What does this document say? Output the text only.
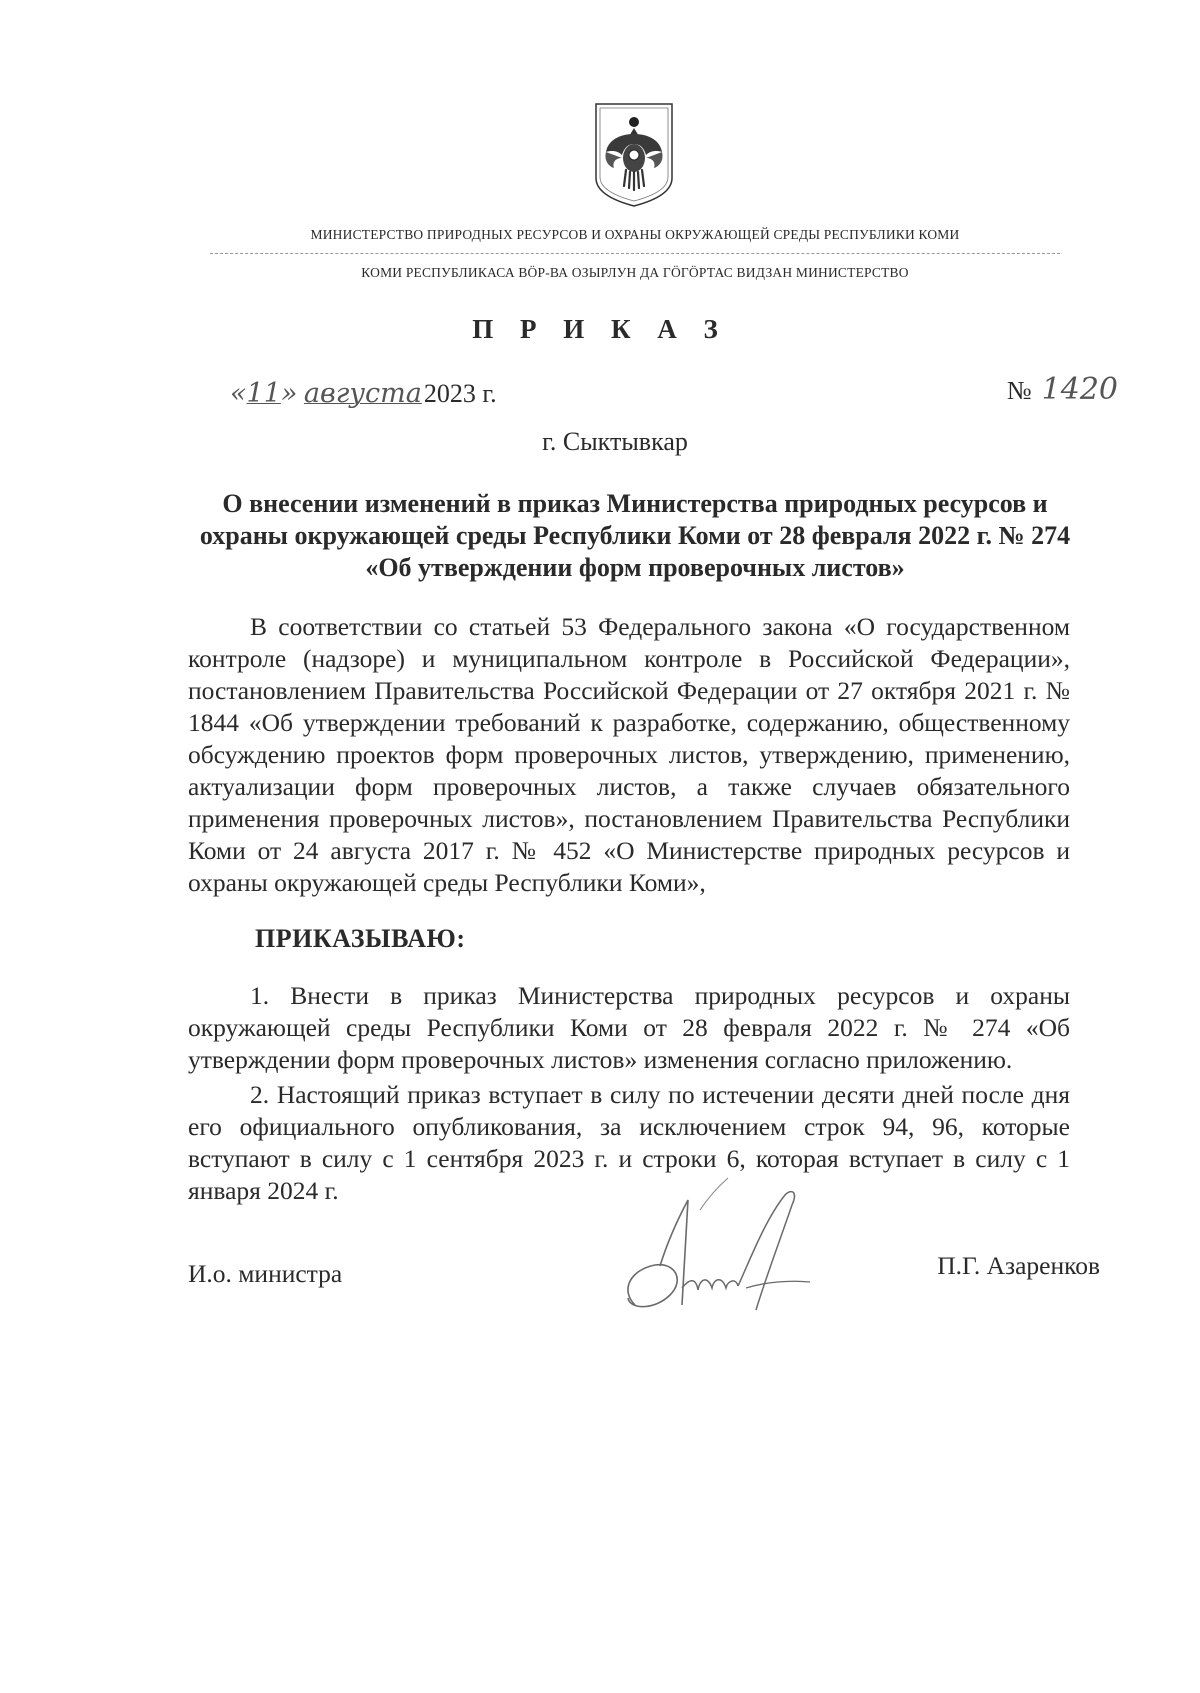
МИНИСТЕРСТВО ПРИРОДНЫХ РЕСУРСОВ И ОХРАНЫ ОКРУЖАЮЩЕЙ СРЕДЫ РЕСПУБЛИКИ КОМИ
КОМИ РЕСПУБЛИКАСА ВӦР-ВА ОЗЫРЛУН ДА ГӦГӦРТАС ВИДЗАН МИНИСТЕРСТВО
П Р И К А З
«11» августа2023 г.	№ 1420
г. Сыктывкар
О внесении изменений в приказ Министерства природных ресурсов и охраны окружающей среды Республики Коми от 28 февраля 2022 г. № 274 «Об утверждении форм проверочных листов»
В соответствии со статьей 53 Федерального закона «О государственном контроле (надзоре) и муниципальном контроле в Российской Федерации», постановлением Правительства Российской Федерации от 27 октября 2021 г. № 1844 «Об утверждении требований к разработке, содержанию, общественному обсуждению проектов форм проверочных листов, утверждению, применению, актуализации форм проверочных листов, а также случаев обязательного применения проверочных листов», постановлением Правительства Республики Коми от 24 августа 2017 г. № 452 «О Министерстве природных ресурсов и охраны окружающей среды Республики Коми»,
ПРИКАЗЫВАЮ:
1. Внести в приказ Министерства природных ресурсов и охраны окружающей среды Республики Коми от 28 февраля 2022 г. № 274 «Об утверждении форм проверочных листов» изменения согласно приложению.
2. Настоящий приказ вступает в силу по истечении десяти дней после дня его официального опубликования, за исключением строк 94, 96, которые вступают в силу с 1 сентября 2023 г. и строки 6, которая вступает в силу с 1 января 2024 г.
И.о. министра	П.Г. Азаренков
